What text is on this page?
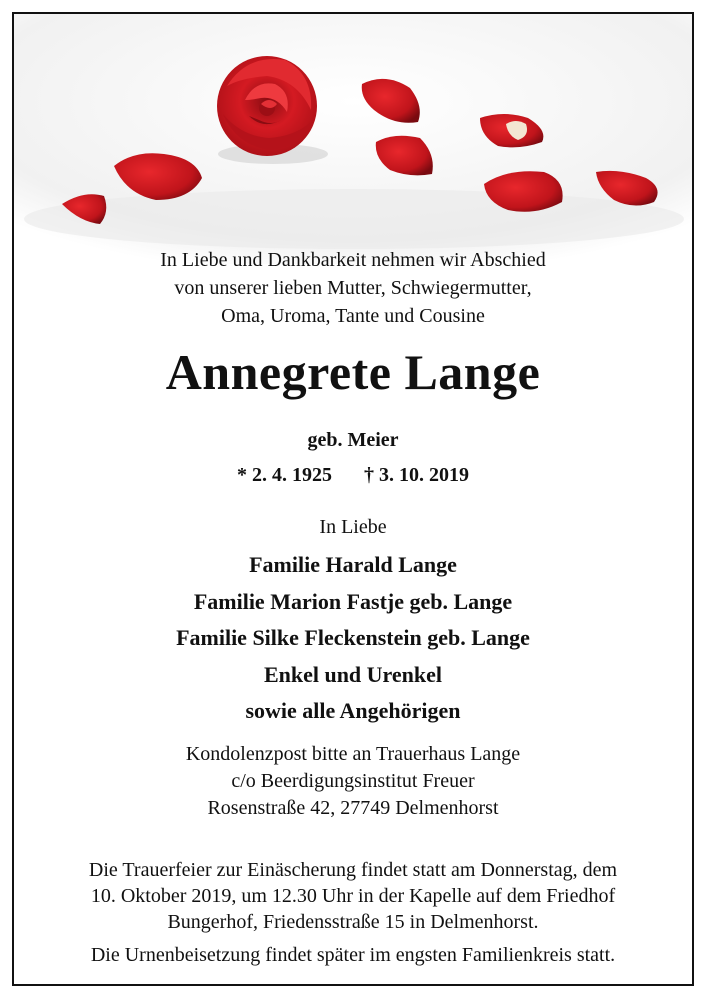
In Liebe und Dankbarkeit nehmen wir Abschied
von unserer lieben Mutter, Schwiegermutter,
Oma, Uroma, Tante und Cousine
Annegrete Lange
geb. Meier
* 2. 4. 1925 † 3. 10. 2019
In Liebe
Familie Harald Lange
Familie Marion Fastje geb. Lange
Familie Silke Fleckenstein geb. Lange
Enkel und Urenkel
sowie alle Angehörigen
Kondolenzpost bitte an Trauerhaus Lange
c/o Beerdigungsinstitut Freuer
Rosenstraße 42, 27749 Delmenhorst
Die Trauerfeier zur Einäscherung findet statt am Donnerstag, dem
10. Oktober 2019, um 12.30 Uhr in der Kapelle auf dem Friedhof
Bungerhof, Friedensstraße 15 in Delmenhorst.
Die Urnenbeisetzung findet später im engsten Familienkreis statt.
